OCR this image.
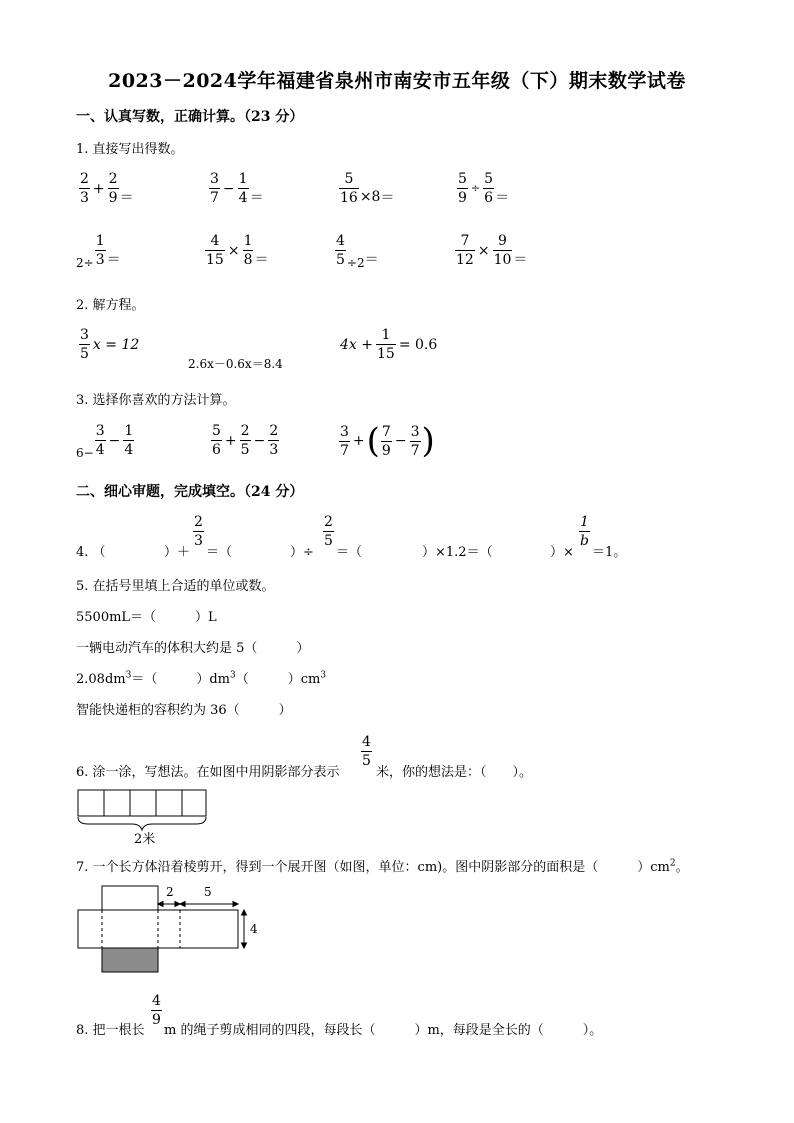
2023－2024学年福建省泉州市南安市五年级（下）期末数学试卷
一、认真写数，正确计算。（23 分）
1. 直接写出得数。
$\frac{2}{3} + \frac{2}{9}$ ＝	$\frac{3}{7} - \frac{1}{4}$ ＝	$\frac{5}{16} \times 8$ ＝	$\frac{5}{9} \div \frac{5}{6}$ ＝
$2\div \frac{1}{3}$ ＝	$\frac{4}{15} \times \frac{1}{8}$ ＝	$\frac{4}{5} \div 2$ ＝	$\frac{7}{12} \times \frac{9}{10}$ ＝
2. 解方程。
$\frac{3}{5}$ x = 12
2.6x－0.6x＝8.4
$4x + \frac{1}{15} = 0.6$
3. 选择你喜欢的方法计算。
$6- \frac{3}{4} - \frac{1}{4}$	$\frac{5}{6} + \frac{2}{5} - \frac{2}{3}$	$\frac{3}{7}$ + ( $\frac{7}{9} - \frac{3}{7}$ )
二、细心审题，完成填空。（24 分）
4. （	）＋
$\frac{2}{3}$
＝（	）÷
$\frac{2}{5}$
＝（	）×1.2＝（	）×
$\frac{1}{b}$
＝1。
5. 在括号里填上合适的单位或数。
5500mL＝（　　　）L
一辆电动汽车的体积大约是 5（　　　）
$2.08dm^3=$（　　　）$dm^3$（　　　）$cm^3$
智能快递柜的容积约为 36（　　　）
6. 涂一涂，写想法。在如图中用阴影部分表示
$\frac{4}{5}$
米，你的想法是：（　　）。
2米
7. 一个长方体沿着棱剪开，得到一个展开图（如图，单位：cm)。图中阴影部分的面积是（　　　）$cm^2$。
2	5
4
8. 把一根长
$\frac{4}{9}$
m 的绳子剪成相同的四段，每段长（　　　）m，每段是全长的（　　　）。
